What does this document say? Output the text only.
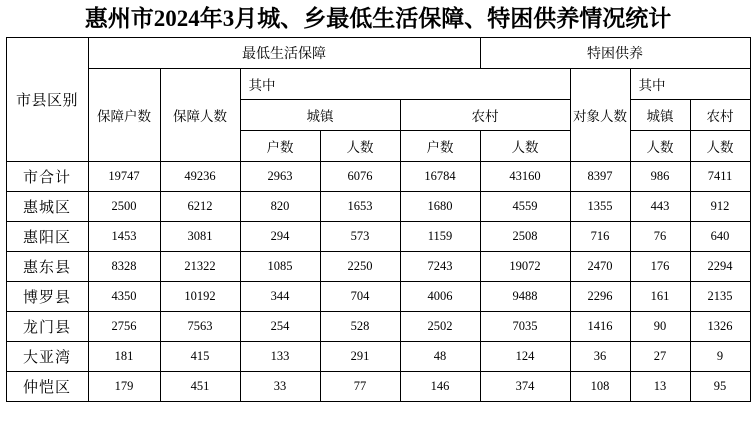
惠州市2024年3月城、乡最低生活保障、特困供养情况统计
市县区别	最低生活保障					特困供养			
	保障户数	保障人数	其中				对象人数	其中	
			城镇		农村			城镇	农村
			户数	人数	户数	人数		人数	人数
市合计	19747	49236	2963	6076	16784	43160	8397	986	7411
惠城区	2500	6212	820	1653	1680	4559	1355	443	912
惠阳区	1453	3081	294	573	1159	2508	716	76	640
惠东县	8328	21322	1085	2250	7243	19072	2470	176	2294
博罗县	4350	10192	344	704	4006	9488	2296	161	2135
龙门县	2756	7563	254	528	2502	7035	1416	90	1326
大亚湾	181	415	133	291	48	124	36	27	9
仲恺区	179	451	33	77	146	374	108	13	95
